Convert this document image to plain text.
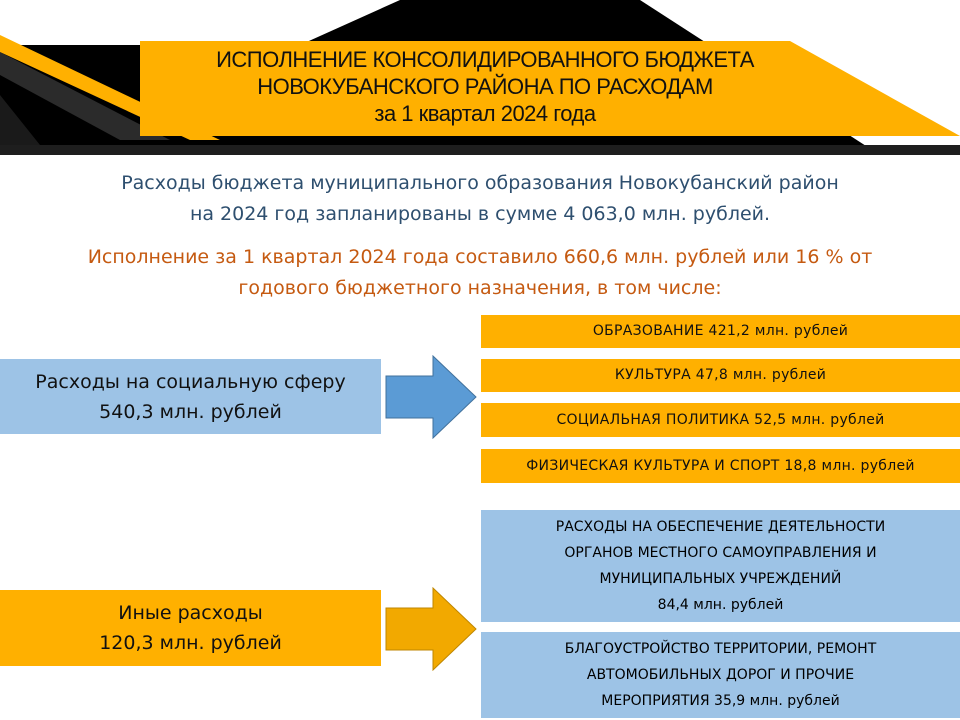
ИСПОЛНЕНИЕ КОНСОЛИДИРОВАННОГО БЮДЖЕТА
НОВОКУБАНСКОГО РАЙОНА ПО РАСХОДАМ
за 1 квартал 2024 года
Расходы бюджета муниципального образования Новокубанский район
на 2024 год запланированы в сумме 4 063,0 млн. рублей.
Исполнение за 1 квартал 2024 года составило 660,6 млн. рублей или 16 % от
годового бюджетного назначения, в том числе:
Расходы на социальную сферу
540,3 млн. рублей
ОБРАЗОВАНИЕ 421,2 млн. рублей
КУЛЬТУРА 47,8 млн. рублей
СОЦИАЛЬНАЯ ПОЛИТИКА 52,5 млн. рублей
ФИЗИЧЕСКАЯ КУЛЬТУРА И СПОРТ 18,8 млн. рублей
Иные расходы
120,3 млн. рублей
РАСХОДЫ НА ОБЕСПЕЧЕНИЕ ДЕЯТЕЛЬНОСТИ
ОРГАНОВ МЕСТНОГО САМОУПРАВЛЕНИЯ И
МУНИЦИПАЛЬНЫХ УЧРЕЖДЕНИЙ
84,4 млн. рублей
БЛАГОУСТРОЙСТВО ТЕРРИТОРИИ, РЕМОНТ
АВТОМОБИЛЬНЫХ ДОРОГ И ПРОЧИЕ
МЕРОПРИЯТИЯ 35,9 млн. рублей
